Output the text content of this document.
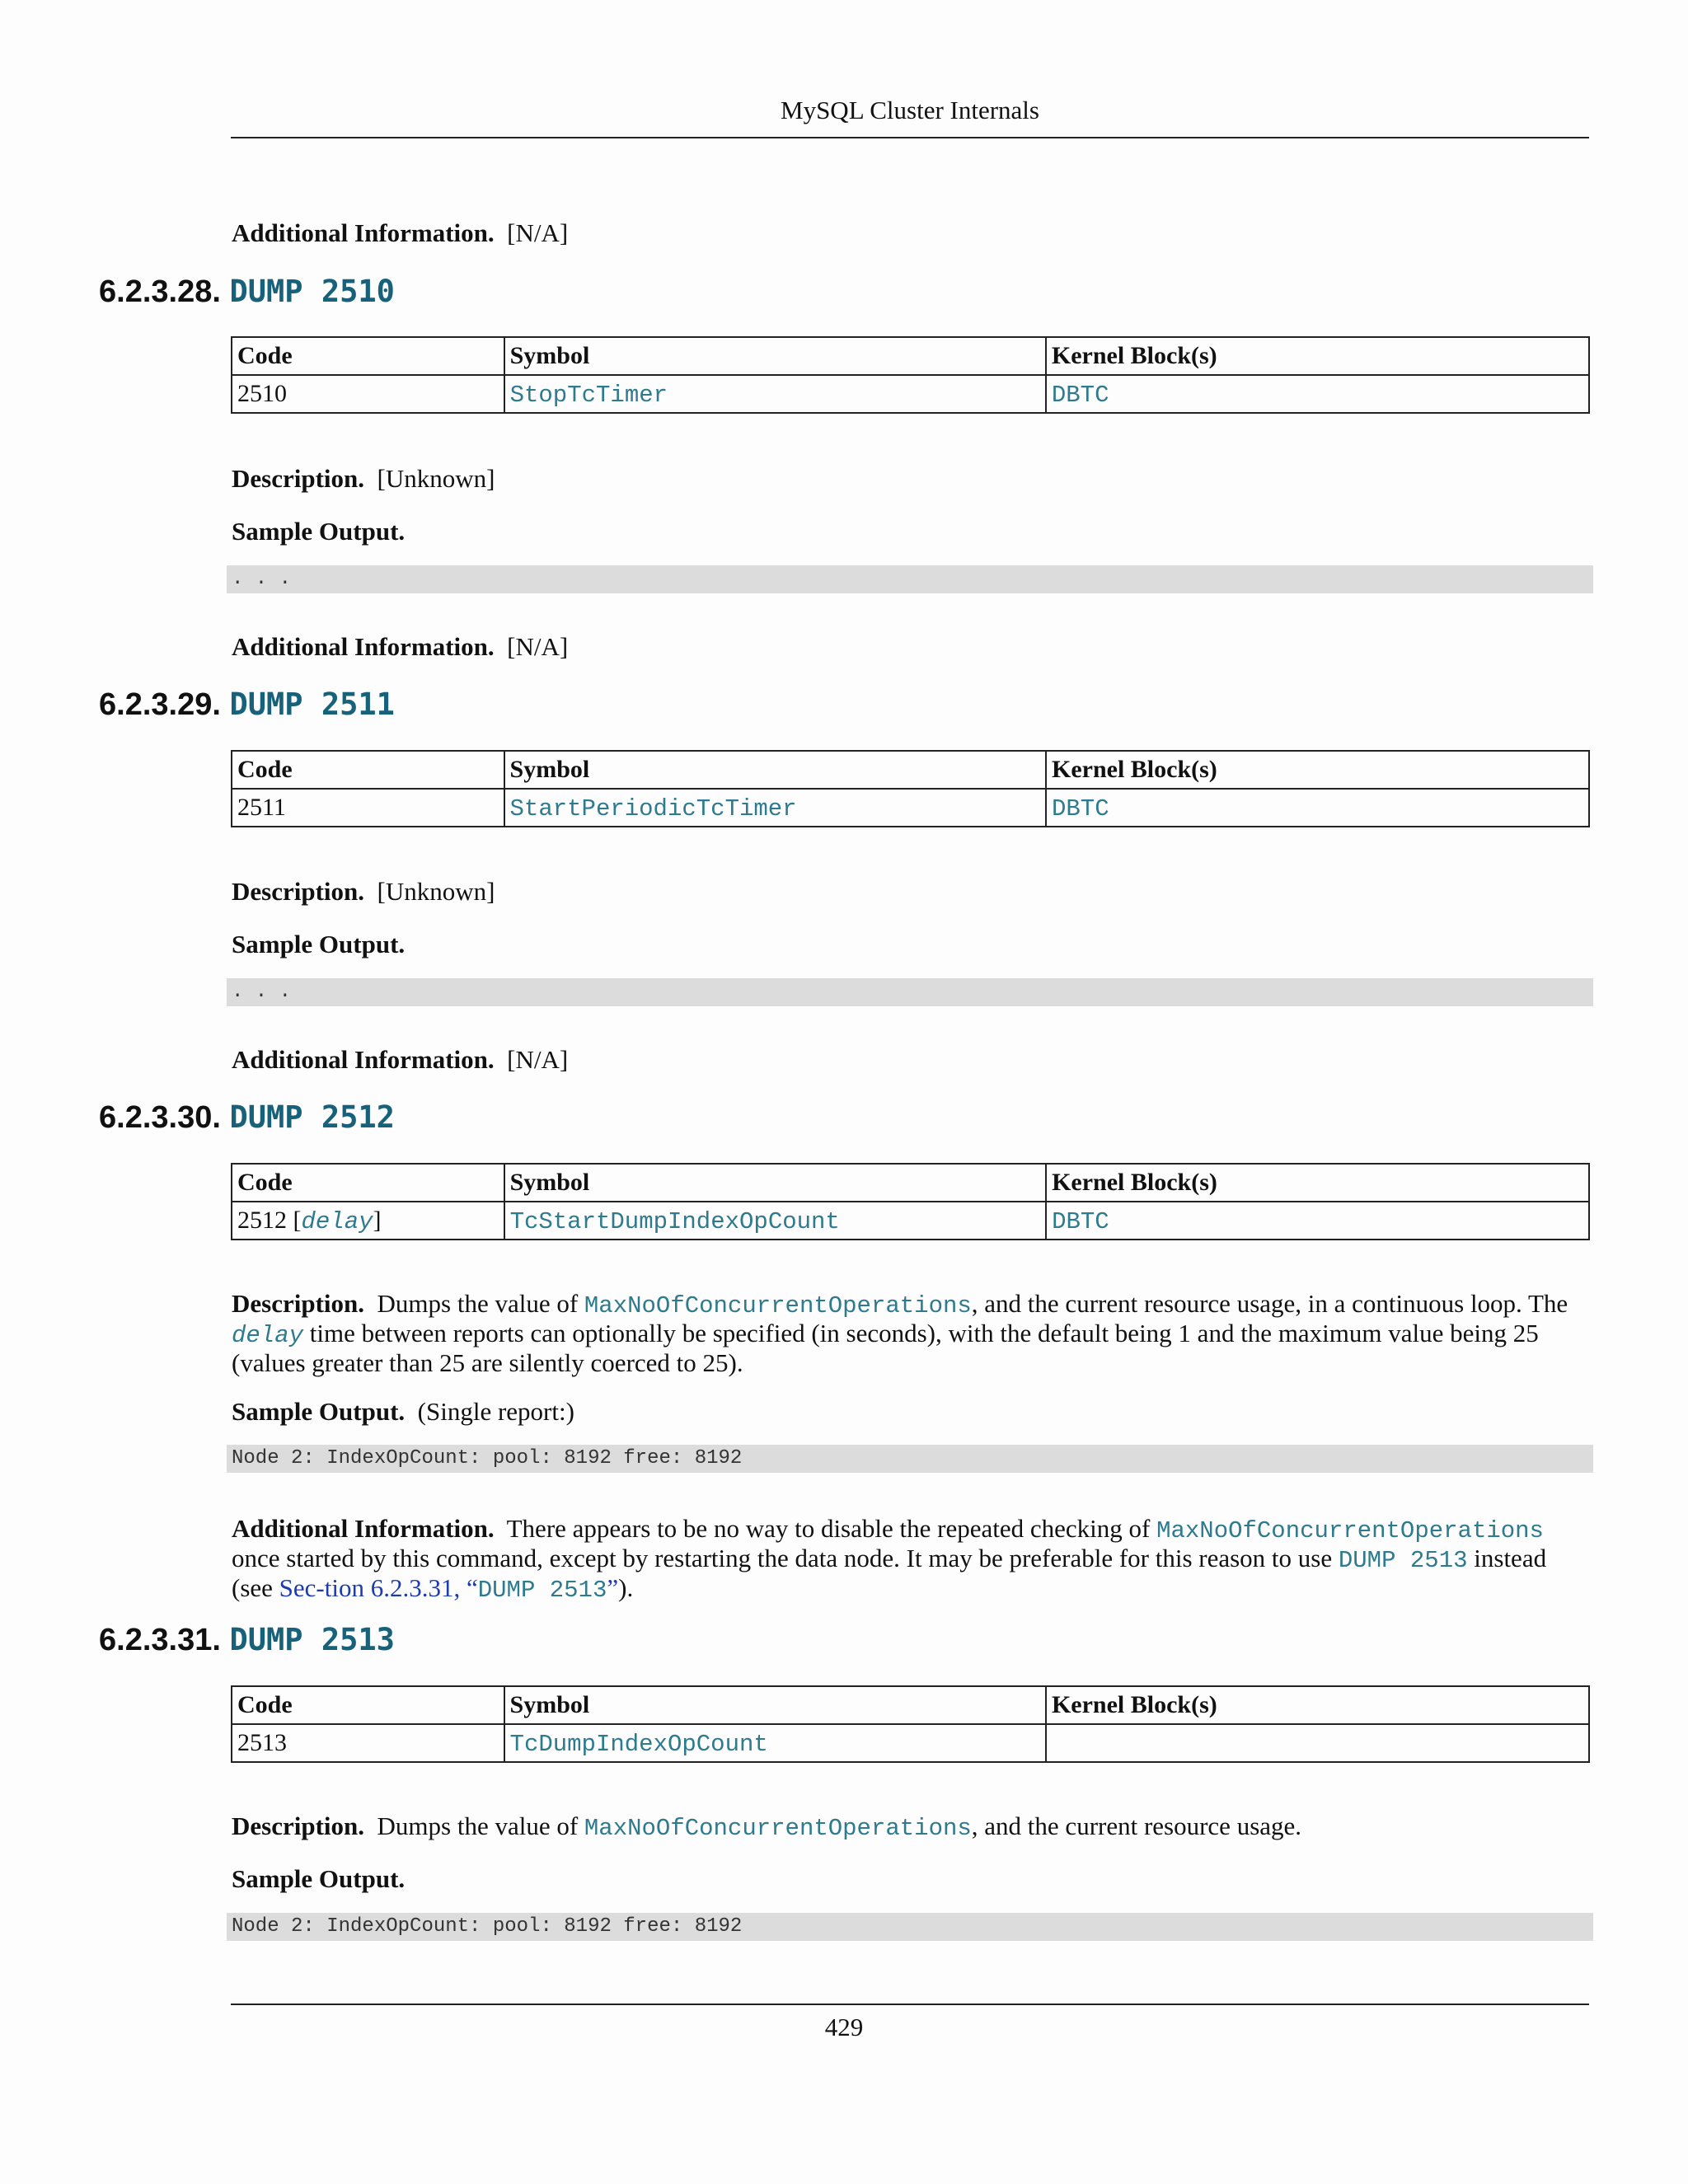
MySQL Cluster Internals

Additional Information. [N/A]

6.2.3.28. DUMP 2510
Code	Symbol	Kernel Block(s)
2510	StopTcTimer	DBTC

Description. [Unknown]

Sample Output.

. . .

Additional Information. [N/A]

6.2.3.29. DUMP 2511
Code	Symbol	Kernel Block(s)
2511	StartPeriodicTcTimer	DBTC

Description. [Unknown]

Sample Output.

. . .

Additional Information. [N/A]

6.2.3.30. DUMP 2512
Code	Symbol	Kernel Block(s)
2512 [delay]	TcStartDumpIndexOpCount	DBTC

Description. Dumps the value of MaxNoOfConcurrentOperations, and the current resource usage, in a continuous loop. The delay time between reports can optionally be specified (in seconds), with the default being 1 and the maximum value being 25 (values greater than 25 are silently coerced to 25).

Sample Output. (Single report:)

Node 2: IndexOpCount: pool: 8192 free: 8192

Additional Information. There appears to be no way to disable the repeated checking of MaxNoOfConcurrentOperations once started by this command, except by restarting the data node. It may be preferable for this reason to use DUMP 2513 instead (see Sec-tion 6.2.3.31, “DUMP 2513”).

6.2.3.31. DUMP 2513
Code	Symbol	Kernel Block(s)
2513	TcDumpIndexOpCount	

Description. Dumps the value of MaxNoOfConcurrentOperations, and the current resource usage.

Sample Output.

Node 2: IndexOpCount: pool: 8192 free: 8192
429
